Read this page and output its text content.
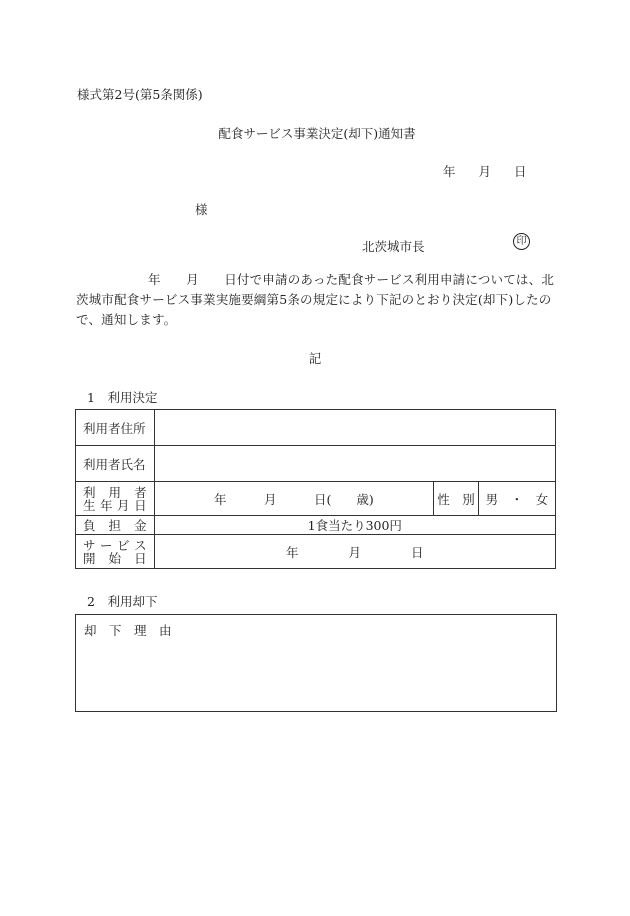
様式第2号(第5条関係)
配食サービス事業決定(却下)通知書
年 月 日
様
北茨城市長	印
年　　月　　日付で申請のあった配食サービス利用申請については、北茨城市配食サービス事業実施要綱第5条の規定により下記のとおり決定(却下)したので、通知します。
記
1　利用決定
利用者住所			
利用者氏名			

利用者
生年月日	年　　　月　　　日(　　歳)	性　別	男　・　女
負担金	1食当たり300円		

サービス
開始日	年　　　　月　　　　日		
2　利用却下
却　下　理　由
